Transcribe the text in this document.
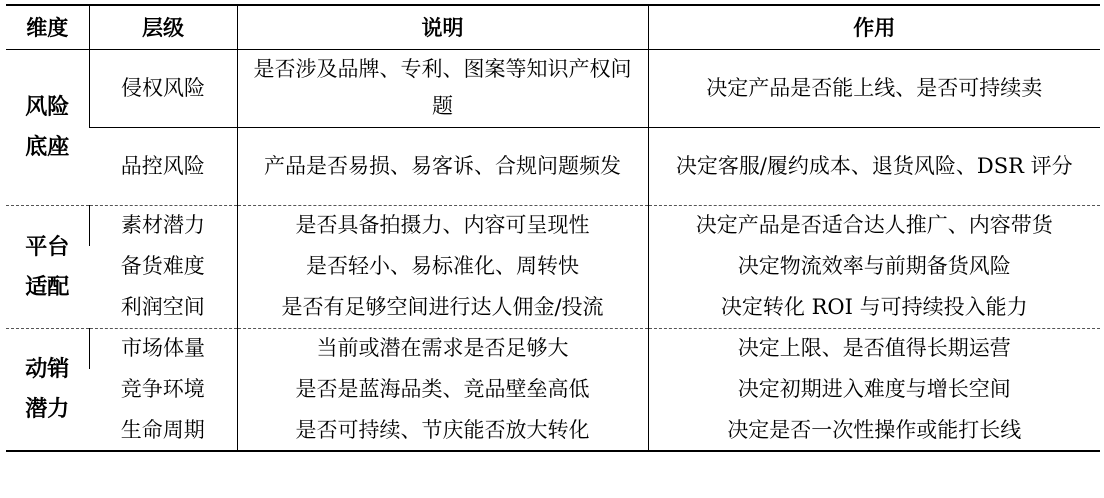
维度	层级	说明	作用
风险底座	侵权风险	是否涉及品牌、专利、图案等知识产权问题	决定产品是否能上线、是否可持续卖
	品控风险	产品是否易损、易客诉、合规问题频发	决定客服/履约成本、退货风险、DSR 评分
平台适配	素材潜力	是否具备拍摄力、内容可呈现性	决定产品是否适合达人推广、内容带货
	备货难度	是否轻小、易标准化、周转快	决定物流效率与前期备货风险
	利润空间	是否有足够空间进行达人佣金/投流	决定转化 ROI 与可持续投入能力
动销潜力	市场体量	当前或潜在需求是否足够大	决定上限、是否值得长期运营
	竞争环境	是否是蓝海品类、竞品壁垒高低	决定初期进入难度与增长空间
	生命周期	是否可持续、节庆能否放大转化	决定是否一次性操作或能打长线
